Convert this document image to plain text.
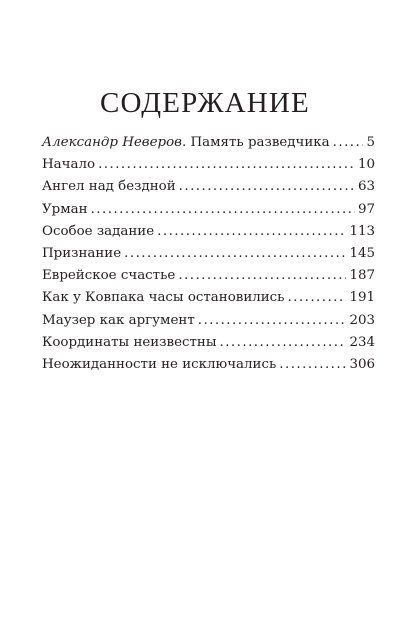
СОДЕРЖАНИЕ
Александр Неверов. Память разведчика . . .	5
Начало . . .	10
Ангел над бездной . . .	63
Урман . . .	97
Особое задание . . .	113
Признание . . .	145
Еврейское счастье . . .	187
Как у Ковпака часы остановились . . .	191
Маузер как аргумент . . .	203
Координаты неизвестны . . .	234
Неожиданности не исключались . . .	306
